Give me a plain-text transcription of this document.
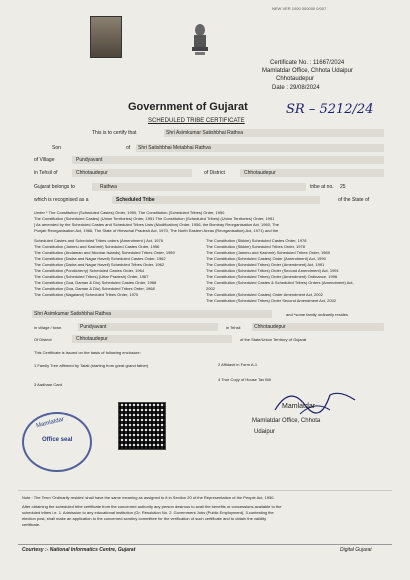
NEW VER 1000 000000 0/007
Certificate No. : 11667/2024
Mamlatdar Office, Chhota Udaipur
Chhotaudepur
Date : 29/08/2024
Government of Gujarat
SCHEDULED TRIBE CERTIFICATE
SR – 5212/24
This is to certify that	Shri Asimkumar Satishbhai Rathva
Son	of Shri Satishbhai Metabhai Rathva
of Village	Pundyavant
in Tehsil of	Chhotaudepur	of District	Chhotaudepur
Gujarat belongs to	Rathwa	tribe at no. 25
which is recognised as a	Scheduled Tribe	of the State of
Under * The Constitution (Scheduled Castes) Order, 1950, The Constitution (Scheduled Tribes) Order, 1950
The Constitution (Scheduled Castes) (Union Territories) Order, 1951 The Constitution (Scheduled Tribes) (Union Territories) Order, 1951
[ As amended by the Scheduled Castes and Scheduled Tribes Lists (Modification) Order, 1956, the Bombay Reorganisation Act, 1960, The
Punjab Reorganisation Act, 1966, The State of Himachal Pradesh Act, 1970, The North Eastern Areas (Reorganisation) Act, 1971) and the
Scheduled Castes and Scheduled Tribes orders (Amendment ) Act, 1976
The Constitution (Jammu and Kashmir) Scheduled Castes Order, 1956
The Constitution (Andaman and Nicobar Islands) Scheduled Tribes Order, 1959
The Constitution (Dadra and Nagar Haveli) Scheduled Castes Order, 1962
The Constitution (Dadra and Nagar Haveli) Scheduled Tribes Order, 1962
The Constitution (Pondicherry) Scheduled Castes Order, 1964
The Constitution (Scheduled Tribes) (Uttar Pradesh) Order, 1967
The Constitution (Goa, Daman & Diu) Scheduled Castes Order, 1968
The Constitution (Goa, Daman & Diu) Scheduled Tribes Order, 1968
The Constitution (Nagaland) Scheduled Tribes Order, 1970
The Constitution (Sikkim) Scheduled Castes Order, 1978
The Constitution (Sikkim) Scheduled Tribes Order, 1978
The Constitution (Jammu and Kashmir) Scheduled Tribes Order, 1989
The Constitution (Scheduled Castes) Order (Amendment) Act, 1990
The Constitution (Scheduled Tribes) Order (Amendment) Act, 1991
The Constitution (Scheduled Tribes) Order (Second Amendment) Act, 1991
The Constitution (Scheduled Tribes) Order (Amendment) Ordinance, 1996
The Constitution (Scheduled Castes & Scheduled Tribes) Orders (Amendment) Act,
2002
The Constitution (Scheduled Castes) Order Amendment Act, 2002
The Constitution (Scheduled Tribes) Order Second Amendment Act, 2002
Shri Asimkumar Satishbhai Rathva	and *some family ordinarily resides
in village / town	Pundyavant	in Tehsil	Chhotaudepur
Of District	Chhotaudepur	of the State/Union Territory of Gujarat
This Certificate is issued on the basis of following enclosure:
1 Family Tree affirmed by Talati (starting from great grand father)	2 Affidavit in Form A-1
3 Aadhaar Card
4 True Copy of House Tax Bill
Mamlatdar
Office seal
Mamlatdar
Mamlatdar Office, Chhota
Udaipur
Note : The Term 'Ordinarily resides' shall have the same meaning as assigned to it in Section 20 of the Representation of the People Act, 1950.
After obtaining the scheduled tribe certificate from the concerned authority any person desirous to avail the benefits or concessions available to the
scheduled tribes i.e. 1. Admission to any educational institution (Gr. Resolution No. 2. Government Jobs (Public Employment), 3.contesting the
election post, shall make an application to the concerned scrutiny committee for the verification of such certificate and to obtain the validity
certificate.
Courtesy :- National Informatics Centre, Gujarat	Digital Gujarat
